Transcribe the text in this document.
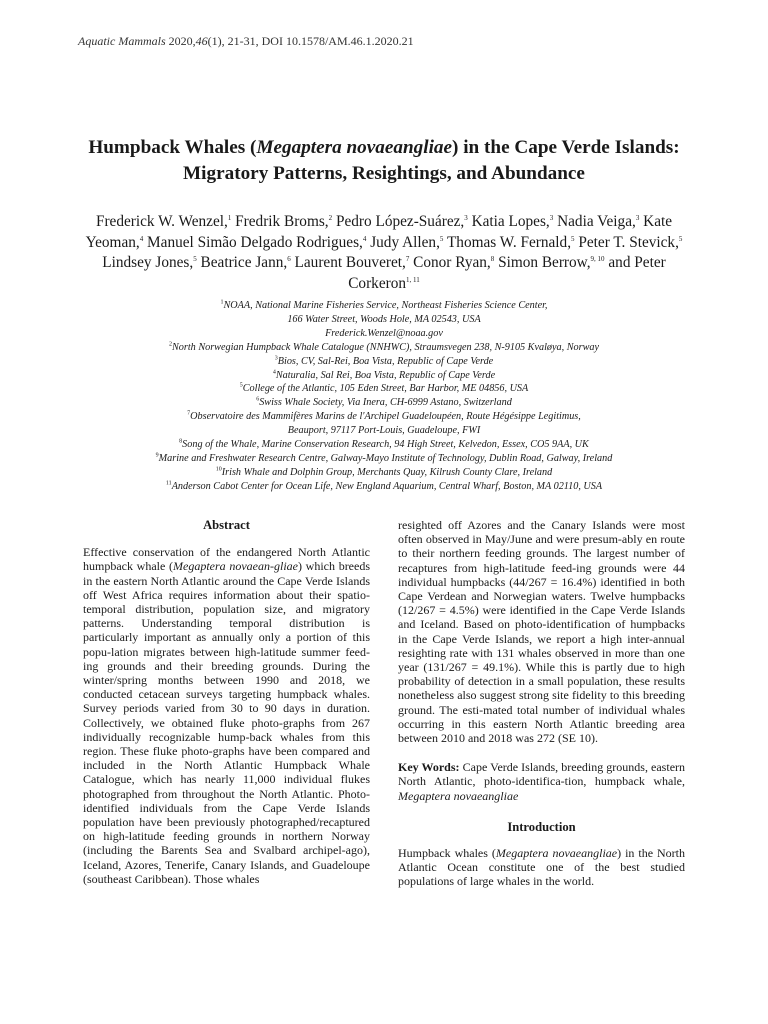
Aquatic Mammals 2020,46(1), 21-31, DOI 10.1578/AM.46.1.2020.21
Humpback Whales (Megaptera novaeangliae) in the Cape Verde Islands: Migratory Patterns, Resightings, and Abundance
Frederick W. Wenzel,$^1$ Fredrik Broms,$^2$ Pedro López-Suárez,$^3$ Katia Lopes,$^3$ Nadia Veiga,$^3$ Kate Yeoman,$^4$ Manuel Simão Delgado Rodrigues,$^4$ Judy Allen,$^5$ Thomas W. Fernald,$^5$ Peter T. Stevick,$^5$ Lindsey Jones,$^5$ Beatrice Jann,$^6$ Laurent Bouveret,$^7$ Conor Ryan,$^8$ Simon Berrow,$^{9, 10}$ and Peter Corkeron$^{1, 11}$
$^1$NOAA, National Marine Fisheries Service, Northeast Fisheries Science Center,
166 Water Street, Woods Hole, MA 02543, USA
Frederick.Wenzel@noaa.gov
$^2$North Norwegian Humpback Whale Catalogue (NNHWC), Straumsvegen 238, N-9105 Kvaløya, Norway
$^3$Bios, CV, Sal-Rei, Boa Vista, Republic of Cape Verde
$^4$Naturalia, Sal Rei, Boa Vista, Republic of Cape Verde
$^5$College of the Atlantic, 105 Eden Street, Bar Harbor, ME 04856, USA
$^6$Swiss Whale Society, Via Inera, CH-6999 Astano, Switzerland
$^7$Observatoire des Mammifères Marins de l'Archipel Guadeloupéen, Route Hégésippe Legitimus,
Beauport, 97117 Port-Louis, Guadeloupe, FWI
$^8$Song of the Whale, Marine Conservation Research, 94 High Street, Kelvedon, Essex, CO5 9AA, UK
$^9$Marine and Freshwater Research Centre, Galway-Mayo Institute of Technology, Dublin Road, Galway, Ireland
$^{10}$Irish Whale and Dolphin Group, Merchants Quay, Kilrush County Clare, Ireland
$^{11}$Anderson Cabot Center for Ocean Life, New England Aquarium, Central Wharf, Boston, MA 02110, USA
Abstract

Effective conservation of the endangered North Atlantic humpback whale (Megaptera novaean-gliae) which breeds in the eastern North Atlantic around the Cape Verde Islands off West Africa requires information about their spatio-temporal distribution, population size, and migratory patterns. Understanding temporal distribution is particularly important as annually only a portion of this popu-lation migrates between high-latitude summer feed-ing grounds and their breeding grounds. During the winter/spring months between 1990 and 2018, we conducted cetacean surveys targeting humpback whales. Survey periods varied from 30 to 90 days in duration. Collectively, we obtained fluke photo-graphs from 267 individually recognizable hump-back whales from this region. These fluke photo-graphs have been compared and included in the North Atlantic Humpback Whale Catalogue, which has nearly 11,000 individual flukes photographed from throughout the North Atlantic. Photo-identified individuals from the Cape Verde Islands population have been previously photographed/recaptured on high-latitude feeding grounds in northern Norway (including the Barents Sea and Svalbard archipel-ago), Iceland, Azores, Tenerife, Canary Islands, and Guadeloupe (southeast Caribbean). Those whales

resighted off Azores and the Canary Islands were most often observed in May/June and were presum-ably en route to their northern feeding grounds. The largest number of recaptures from high-latitude feed-ing grounds were 44 individual humpbacks (44/267 = 16.4%) identified in both Cape Verdean and Norwegian waters. Twelve humpbacks (12/267 = 4.5%) were identified in the Cape Verde Islands and Iceland. Based on photo-identification of humpbacks in the Cape Verde Islands, we report a high inter-annual resighting rate with 131 whales observed in more than one year (131/267 = 49.1%). While this is partly due to high probability of detection in a small population, these results nonetheless also suggest strong site fidelity to this breeding ground. The esti-mated total number of individual whales occurring in this eastern North Atlantic breeding area between 2010 and 2018 was 272 (SE 10).

Key Words: Cape Verde Islands, breeding grounds, eastern North Atlantic, photo-identifica-tion, humpback whale, Megaptera novaeangliae

Introduction

Humpback whales (Megaptera novaeangliae) in the North Atlantic Ocean constitute one of the best studied populations of large whales in the world.
